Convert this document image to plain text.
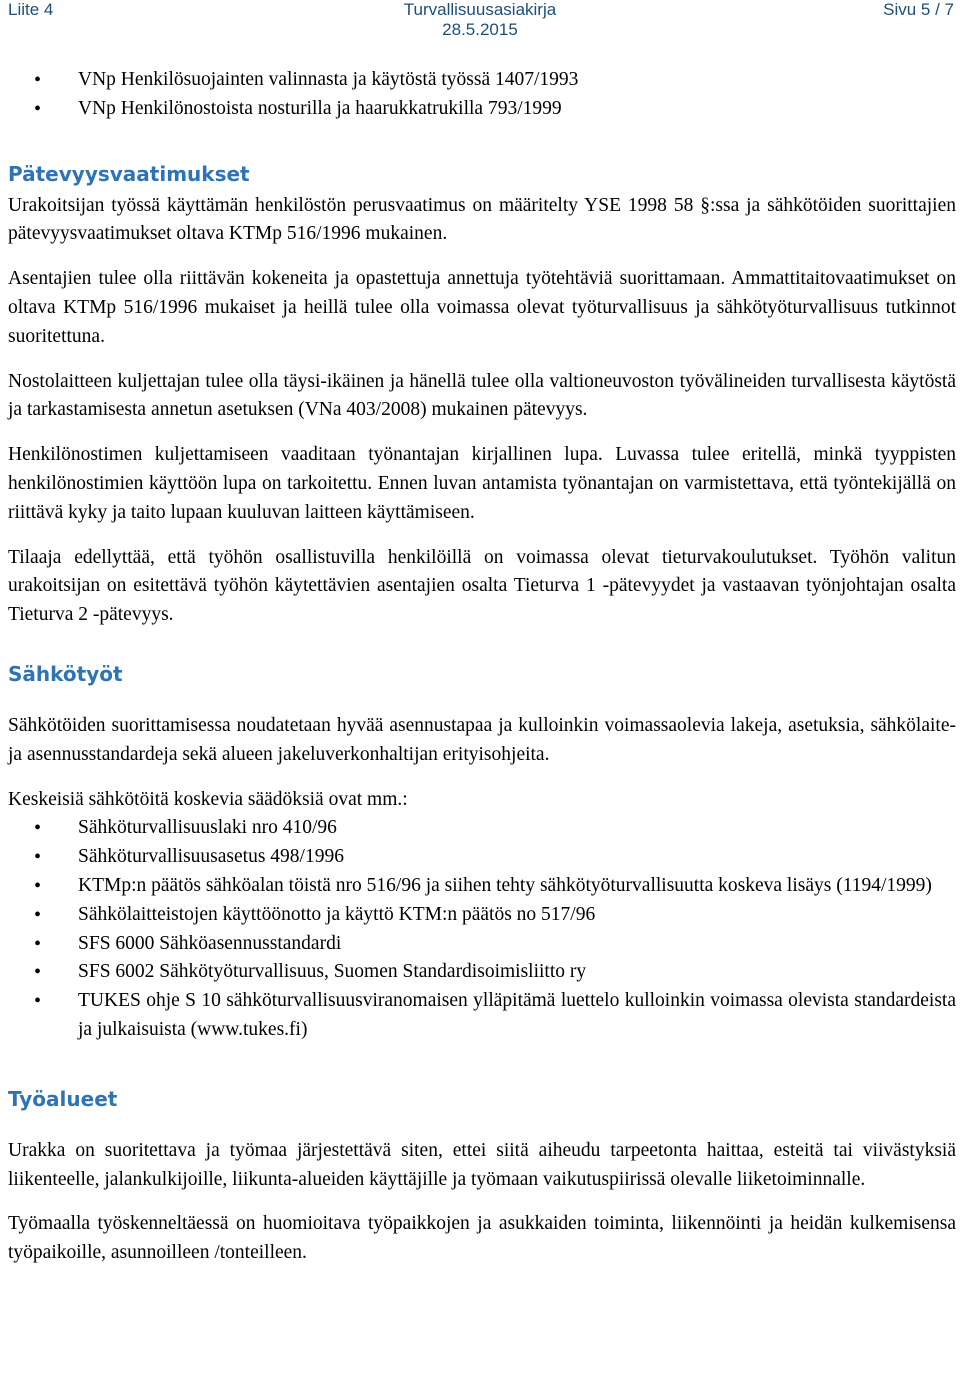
Liite 4	Turvallisuusasiakirja
28.5.2015
Sivu 5 / 7
• VNp Henkilösuojainten valinnasta ja käytöstä työssä 1407/1993
• VNp Henkilönostoista nosturilla ja haarukkatrukilla 793/1999
Pätevyysvaatimukset

Urakoitsijan työssä käyttämän henkilöstön perusvaatimus on määritelty YSE 1998 58 §:ssa ja sähkötöiden suorittajien pätevyysvaatimukset oltava KTMp 516/1996 mukainen.

Asentajien tulee olla riittävän kokeneita ja opastettuja annettuja työtehtäviä suorittamaan. Ammattitaitovaatimukset on oltava KTMp 516/1996 mukaiset ja heillä tulee olla voimassa olevat työturvallisuus ja sähkötyöturvallisuus tutkinnot suoritettuna.

Nostolaitteen kuljettajan tulee olla täysi-ikäinen ja hänellä tulee olla valtioneuvoston työvälineiden turvallisesta käytöstä ja tarkastamisesta annetun asetuksen (VNa 403/2008) mukainen pätevyys.

Henkilönostimen kuljettamiseen vaaditaan työnantajan kirjallinen lupa. Luvassa tulee eritellä, minkä tyyppisten henkilönostimien käyttöön lupa on tarkoitettu. Ennen luvan antamista työnantajan on varmistettava, että työntekijällä on riittävä kyky ja taito lupaan kuuluvan laitteen käyttämiseen.

Tilaaja edellyttää, että työhön osallistuvilla henkilöillä on voimassa olevat tieturvakoulutukset. Työhön valitun urakoitsijan on esitettävä työhön käytettävien asentajien osalta Tieturva 1 -pätevyydet ja vastaavan työnjohtajan osalta Tieturva 2 -pätevyys.

Sähkötyöt

Sähkötöiden suorittamisessa noudatetaan hyvää asennustapaa ja kulloinkin voimassaolevia lakeja, asetuksia, sähkölaite- ja asennusstandardeja sekä alueen jakeluverkonhaltijan erityisohjeita.

Keskeisiä sähkötöitä koskevia säädöksiä ovat mm.:

• Sähköturvallisuuslaki nro 410/96
• Sähköturvallisuusasetus 498/1996
• KTMp:n päätös sähköalan töistä nro 516/96 ja siihen tehty sähkötyöturvallisuutta koskeva lisäys (1194/1999)
• Sähkölaitteistojen käyttöönotto ja käyttö KTM:n päätös no 517/96
• SFS 6000 Sähköasennusstandardi
• SFS 6002 Sähkötyöturvallisuus, Suomen Standardisoimisliitto ry
• TUKES ohje S 10 sähköturvallisuusviranomaisen ylläpitämä luettelo kulloinkin voimassa olevista standardeista ja julkaisuista (www.tukes.fi)
Työalueet

Urakka on suoritettava ja työmaa järjestettävä siten, ettei siitä aiheudu tarpeetonta haittaa, esteitä tai viivästyksiä liikenteelle, jalankulkijoille, liikunta-alueiden käyttäjille ja työmaan vaikutuspiirissä olevalle liiketoiminnalle.

Työmaalla työskenneltäessä on huomioitava työpaikkojen ja asukkaiden toiminta, liikennöinti ja heidän kulkemisensa työpaikoille, asunnoilleen /tonteilleen.
